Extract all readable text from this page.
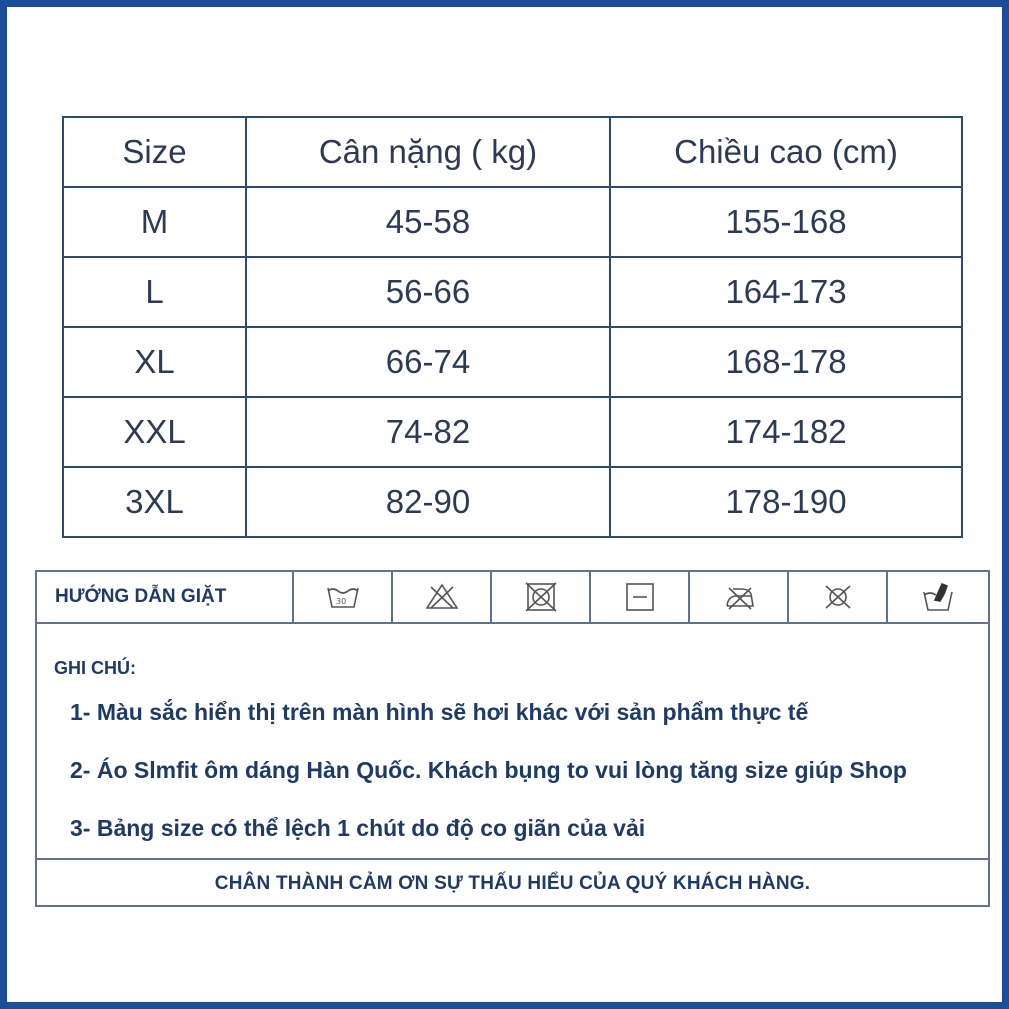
Size	Cân nặng ( kg)	Chiều cao (cm)
M	45-58	155-168
L	56-66	164-173
XL	66-74	168-178
XXL	74-82	174-182
3XL	82-90	178-190
HƯỚNG DẪN GIẶT	30
GHI CHÚ:
1- Màu sắc hiển thị trên màn hình sẽ hơi khác với sản phẩm thực tế
2- Áo Slmfit ôm dáng Hàn Quốc. Khách bụng to vui lòng tăng size giúp Shop
3- Bảng size có thể lệch 1 chút do độ co giãn của vải
CHÂN THÀNH CẢM ƠN SỰ THẤU HIỂU CỦA QUÝ KHÁCH HÀNG.
